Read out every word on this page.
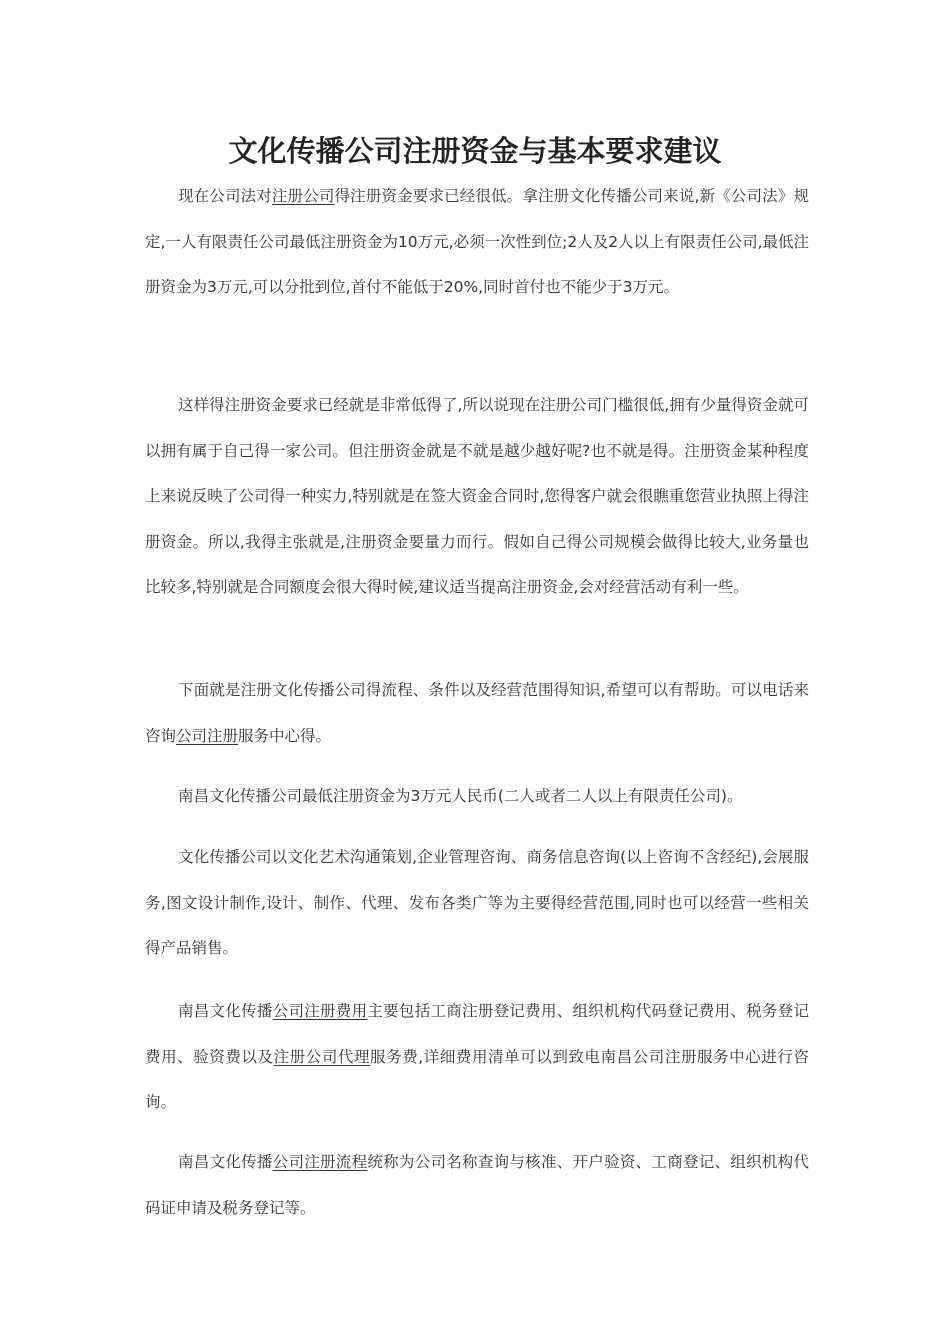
文化传播公司注册资金与基本要求建议

现在公司法对注册公司得注册资金要求已经很低。拿注册文化传播公司来说,新《公司法》规定,一人有限责任公司最低注册资金为10万元,必须一次性到位;2人及2人以上有限责任公司,最低注册资金为3万元,可以分批到位,首付不能低于20%,同时首付也不能少于3万元。

这样得注册资金要求已经就是非常低得了,所以说现在注册公司门槛很低,拥有少量得资金就可以拥有属于自己得一家公司。但注册资金就是不就是越少越好呢?也不就是得。注册资金某种程度上来说反映了公司得一种实力,特别就是在签大资金合同时,您得客户就会很瞧重您营业执照上得注册资金。所以,我得主张就是,注册资金要量力而行。假如自己得公司规模会做得比较大,业务量也比较多,特别就是合同额度会很大得时候,建议适当提高注册资金,会对经营活动有利一些。

下面就是注册文化传播公司得流程、条件以及经营范围得知识,希望可以有帮助。可以电话来咨询公司注册服务中心得。

南昌文化传播公司最低注册资金为3万元人民币(二人或者二人以上有限责任公司)。

文化传播公司以文化艺术沟通策划,企业管理咨询、商务信息咨询(以上咨询不含经纪),会展服务,图文设计制作,设计、制作、代理、发布各类广等为主要得经营范围,同时也可以经营一些相关得产品销售。

南昌文化传播公司注册费用主要包括工商注册登记费用、组织机构代码登记费用、税务登记费用、验资费以及注册公司代理服务费,详细费用清单可以到致电南昌公司注册服务中心进行咨询。

南昌文化传播公司注册流程统称为公司名称查询与核准、开户验资、工商登记、组织机构代码证申请及税务登记等。
